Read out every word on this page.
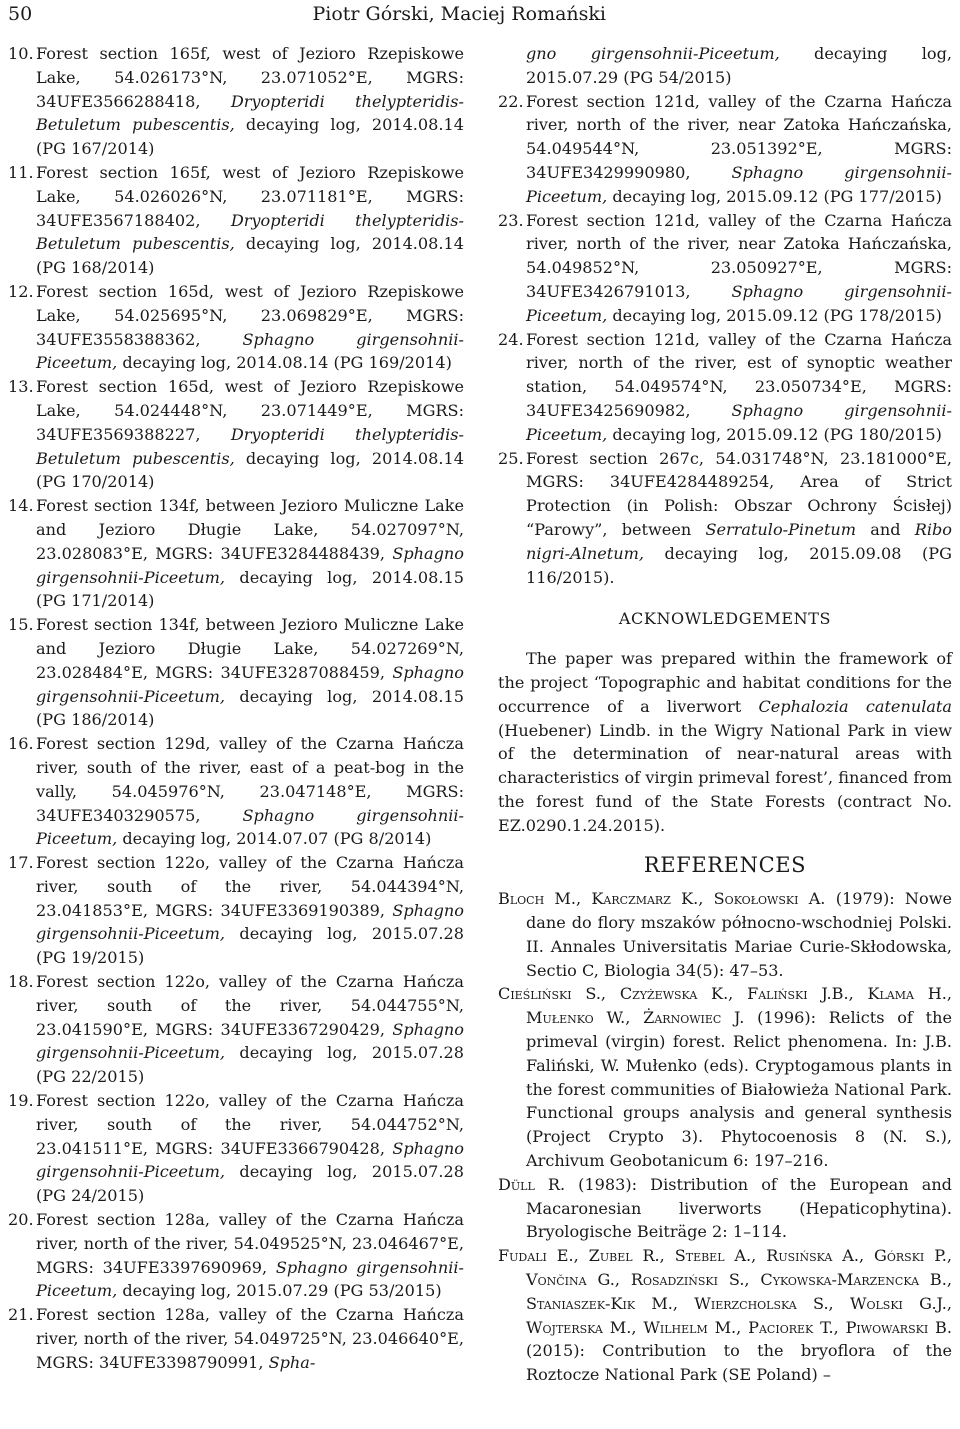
50	Piotr Górski, Maciej Romański
10. Forest section 165f, west of Jezioro Rzepiskowe Lake, 54.026173°N, 23.071052°E, MGRS: 34UFE3566288418, Dryopteridi thelypteridis-Betuletum pubescentis, decaying log, 2014.08.14 (PG 167/2014)
11. Forest section 165f, west of Jezioro Rzepiskowe Lake, 54.026026°N, 23.071181°E, MGRS: 34UFE3567188402, Dryopteridi thelypteridis-Betuletum pubescentis, decaying log, 2014.08.14 (PG 168/2014)
12. Forest section 165d, west of Jezioro Rzepiskowe Lake, 54.025695°N, 23.069829°E, MGRS: 34UFE3558388362, Sphagno girgensohnii-Piceetum, decaying log, 2014.08.14 (PG 169/2014)
13. Forest section 165d, west of Jezioro Rzepiskowe Lake, 54.024448°N, 23.071449°E, MGRS: 34UFE3569388227, Dryopteridi thelypteridis-Betuletum pubescentis, decaying log, 2014.08.14 (PG 170/2014)
14. Forest section 134f, between Jezioro Muliczne Lake and Jezioro Długie Lake, 54.027097°N, 23.028083°E, MGRS: 34UFE3284488439, Sphagno girgensohnii-Piceetum, decaying log, 2014.08.15 (PG 171/2014)
15. Forest section 134f, between Jezioro Muliczne Lake and Jezioro Długie Lake, 54.027269°N, 23.028484°E, MGRS: 34UFE3287088459, Sphagno girgensohnii-Piceetum, decaying log, 2014.08.15 (PG 186/2014)
16. Forest section 129d, valley of the Czarna Hańcza river, south of the river, east of a peat-bog in the vally, 54.045976°N, 23.047148°E, MGRS: 34UFE3403290575, Sphagno girgensohnii-Piceetum, decaying log, 2014.07.07 (PG 8/2014)
17. Forest section 122o, valley of the Czarna Hańcza river, south of the river, 54.044394°N, 23.041853°E, MGRS: 34UFE3369190389, Sphagno girgensohnii-Piceetum, decaying log, 2015.07.28 (PG 19/2015)
18. Forest section 122o, valley of the Czarna Hańcza river, south of the river, 54.044755°N, 23.041590°E, MGRS: 34UFE3367290429, Sphagno girgensohnii-Piceetum, decaying log, 2015.07.28 (PG 22/2015)
19. Forest section 122o, valley of the Czarna Hańcza river, south of the river, 54.044752°N, 23.041511°E, MGRS: 34UFE3366790428, Sphagno girgensohnii-Piceetum, decaying log, 2015.07.28 (PG 24/2015)
20. Forest section 128a, valley of the Czarna Hańcza river, north of the river, 54.049525°N, 23.046467°E, MGRS: 34UFE3397690969, Sphagno girgensohnii-Piceetum, decaying log, 2015.07.29 (PG 53/2015)
21. Forest section 128a, valley of the Czarna Hańcza river, north of the river, 54.049725°N, 23.046640°E, MGRS: 34UFE3398790991, Spha-
gno girgensohnii-Piceetum, decaying log, 2015.07.29 (PG 54/2015)
22. Forest section 121d, valley of the Czarna Hańcza river, north of the river, near Zatoka Hańczańska, 54.049544°N, 23.051392°E, MGRS: 34UFE3429990980, Sphagno girgensohnii-Piceetum, decaying log, 2015.09.12 (PG 177/2015)
23. Forest section 121d, valley of the Czarna Hańcza river, north of the river, near Zatoka Hańczańska, 54.049852°N, 23.050927°E, MGRS: 34UFE3426791013, Sphagno girgensohnii-Piceetum, decaying log, 2015.09.12 (PG 178/2015)
24. Forest section 121d, valley of the Czarna Hańcza river, north of the river, est of synoptic weather station, 54.049574°N, 23.050734°E, MGRS: 34UFE3425690982, Sphagno girgensohnii-Piceetum, decaying log, 2015.09.12 (PG 180/2015)
25. Forest section 267c, 54.031748°N, 23.181000°E, MGRS: 34UFE4284489254, Area of Strict Protection (in Polish: Obszar Ochrony Ścisłej) “Parowy”, between Serratulo-Pinetum and Ribo nigri-Alnetum, decaying log, 2015.09.08 (PG 116/2015).
ACKNOWLEDGEMENTS
The paper was prepared within the framework of the project ‘Topographic and habitat conditions for the occurrence of a liverwort Cephalozia catenulata (Huebener) Lindb. in the Wigry National Park in view of the determination of near-natural areas with characteristics of virgin primeval forest’, financed from the forest fund of the State Forests (contract No. EZ.0290.1.24.2015).
REFERENCES
Bloch M., Karczmarz K., Sokołowski A. (1979): Nowe dane do flory mszaków północno-wschodniej Polski. II. Annales Universitatis Mariae Curie-Skłodowska, Sectio C, Biologia 34(5): 47–53.
Cieśliński S., Czyżewska K., Faliński J.B., Klama H., Mułenko W., Żarnowiec J. (1996): Relicts of the primeval (virgin) forest. Relict phenomena. In: J.B. Faliński, W. Mułenko (eds). Cryptogamous plants in the forest communities of Białowieża National Park. Functional groups analysis and general synthesis (Project Crypto 3). Phytocoenosis 8 (N. S.), Archivum Geobotanicum 6: 197–216.
Düll R. (1983): Distribution of the European and Macaronesian liverworts (Hepaticophytina). Bryologische Beiträge 2: 1–114.
Fudali E., Zubel R., Stebel A., Rusińska A., Górski P., Vončina G., Rosadziński S., Cykowska-Marzencka B., Staniaszek-Kik M., Wierzcholska S., Wolski G.J., Wojterska M., Wilhelm M., Paciorek T., Piwowarski B. (2015): Contribution to the bryoflora of the Roztocze National Park (SE Poland) –
